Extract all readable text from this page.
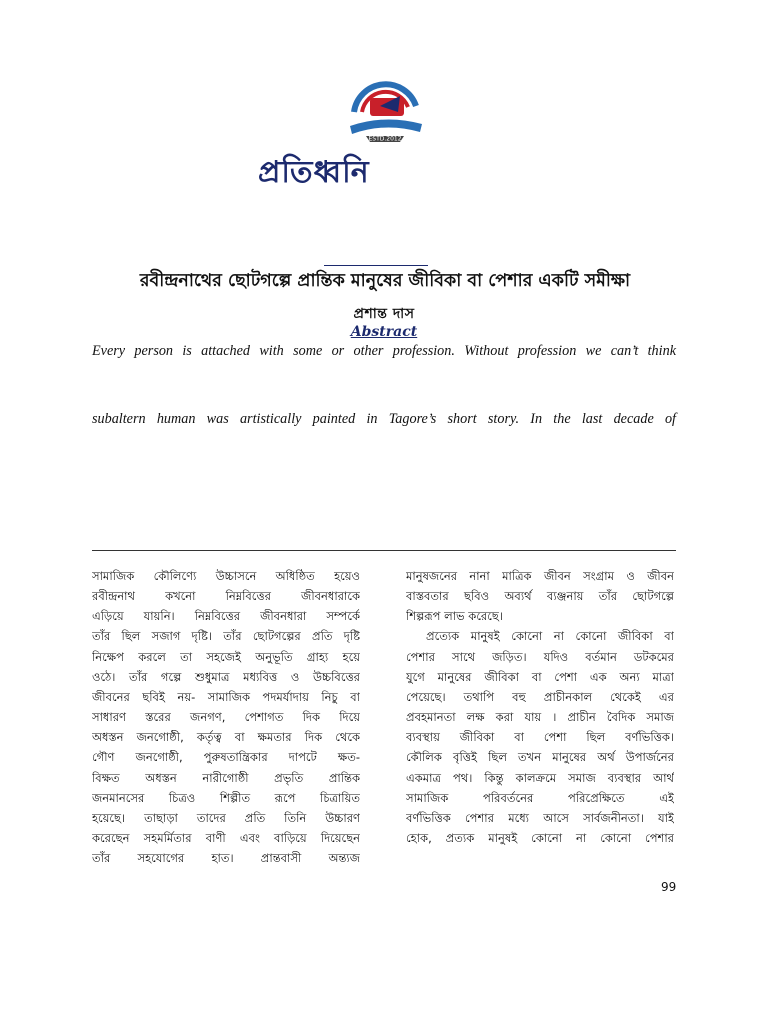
ESTD.2012
প্রতিধ্বনি
রবীন্দ্রনাথের ছোটগল্পে প্রান্তিক মানুষের জীবিকা বা পেশার একটি সমীক্ষা
প্রশান্ত দাস
Abstract
Every person is attached with some or other profession. Without profession we can’t think
subaltern human was artistically painted in Tagore’s short story. In the last decade of

সামাজিক কৌলিণ্যে উচ্চাসনে অধিষ্ঠিত হয়েও
রবীন্দ্রনাথ কখনো নিম্নবিত্তের জীবনধারাকে
এড়িয়ে যায়নি। নিম্নবিত্তের জীবনধারা সম্পর্কে
তাঁর ছিল সজাগ দৃষ্টি। তাঁর ছোটগল্পের প্রতি দৃষ্টি
নিক্ষেপ করলে তা সহজেই অনুভূতি গ্রাহ্য হয়ে
ওঠে। তাঁর গল্পে শুধুমাত্র মধ্যবিত্ত ও উচ্চবিত্তের
জীবনের ছবিই নয়- সামাজিক পদমর্যাদায় নিচু বা
সাধারণ স্তরের জনগণ, পেশাগত দিক দিয়ে
অধস্তন জনগোষ্ঠী, কর্তৃত্ব বা ক্ষমতার দিক থেকে
গৌণ জনগোষ্ঠী, পুরুষতান্ত্রিকার দাপটে ক্ষত-
বিক্ষত অধস্তন নারীগোষ্ঠী প্রভৃতি প্রান্তিক
জনমানসের চিত্রও শিল্পীত রূপে চিত্রায়িত
হয়েছে। তাছাড়া তাদের প্রতি তিনি উচ্চারণ
করেছেন সহমর্মিতার বাণী এবং বাড়িয়ে দিয়েছেন
তাঁর সহযোগের হাত। প্রান্তবাসী অন্ত্যজ

মানুষজনের নানা মাত্রিক জীবন সংগ্রাম ও জীবন
বাস্তবতার ছবিও অব্যর্থ ব্যঞ্জনায় তাঁর ছোটগল্পে
শিল্পরূপ লাভ করেছে।

প্রত্যেক মানুষই কোনো না কোনো জীবিকা বা
পেশার সাথে জড়িত। যদিও বর্তমান ডটকমের
যুগে মানুষের জীবিকা বা পেশা এক অন্য মাত্রা
পেয়েছে। তথাপি বহু প্রাচীনকাল থেকেই এর
প্রবহমানতা লক্ষ করা যায় । প্রাচীন বৈদিক সমাজ
ব্যবস্থায় জীবিকা বা পেশা ছিল বর্ণভিত্তিক।
কৌলিক বৃত্তিই ছিল তখন মানুষের অর্থ উপার্জনের
একমাত্র পথ। কিন্তু কালক্রমে সমাজ ব্যবস্থার আর্থ
সামাজিক পরিবর্তনের পরিপ্রেক্ষিতে এই
বর্ণভিত্তিক পেশার মধ্যে আসে সার্বজনীনতা। যাই
হোক, প্রত্যক মানুষই কোনো না কোনো পেশার

99
